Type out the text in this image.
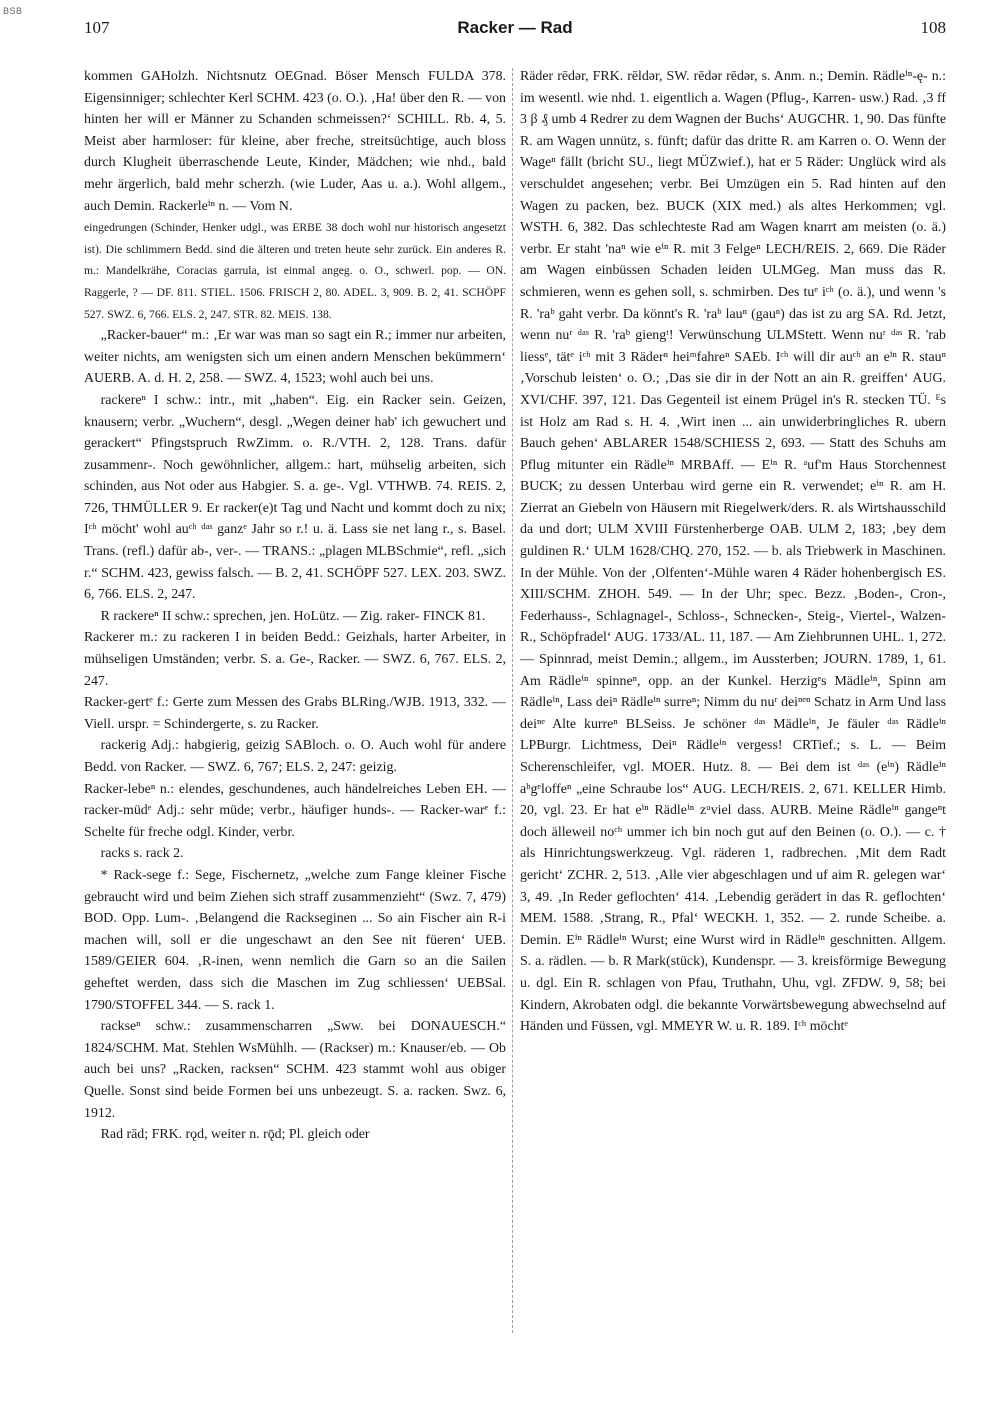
BSB
107	Racker — Rad	108
kommen GAHolzh. Nichtsnutz OEGnad. Böser Mensch FULDA 378. Eigensinniger; schlechter Kerl SCHM. 423 (o. O.). ‚Ha! über den R. — von hinten her will er Männer zu Schanden schmeissen?‘ SCHILL. Rb. 4, 5. Meist aber harmloser: für kleine, aber freche, streitsüchtige, auch bloss durch Klugheit überraschende Leute, Kinder, Mädchen; wie nhd., bald mehr ärgerlich, bald mehr scherzh. (wie Luder, Aas u. a.). Wohl allgem., auch Demin. Rackerleⁱⁿ n. — Vom N.
eingedrungen (Schinder, Henker udgl., was ERBE 38 doch wohl nur historisch angesetzt ist). Die schlimmern Bedd. sind die älteren und treten heute sehr zurück. Ein anderes R. m.: Mandelkrähe, Coracias garrula, ist einmal angeg. o. O., schwerl. pop. — ON. Raggerle, ? — DF. 811. STIEL. 1506. FRISCH 2, 80. ADEL. 3, 909. B. 2, 41. SCHÖPF 527. SWZ. 6, 766. ELS. 2, 247. STR. 82. MEIS. 138.
„Racker-bauer“ m.: ‚Er war was man so sagt ein R.; immer nur arbeiten, weiter nichts, am wenigsten sich um einen andern Menschen bekümmern‘ AUERB. A. d. H. 2, 258. — SWZ. 4, 1523; wohl auch bei uns.
rackereⁿ I schw.: intr., mit „haben“. Eig. ein Racker sein. Geizen, knausern; verbr. „Wuchern“, desgl. „Wegen deiner hab' ich gewuchert und gerackert“ Pfingstspruch RwZimm. o. R./VTH. 2, 128. Trans. dafür zusammenr-. Noch gewöhnlicher, allgem.: hart, mühselig arbeiten, sich schinden, aus Not oder aus Habgier. S. a. ge-. Vgl. VTHWB. 74. REIS. 2, 726, THMÜLLER 9. Er racker(e)t Tag und Nacht und kommt doch zu nix; Iᶜʰ möcht' wohl auᶜʰ ᵈᵃˢ ganzᵉ Jahr so r.! u. ä. Lass sie net lang r., s. Basel. Trans. (refl.) dafür ab-, ver-. — TRANS.: „plagen MLBSchmie“, refl. „sich r.“ SCHM. 423, gewiss falsch. — B. 2, 41. SCHÖPF 527. LEX. 203. SWZ. 6, 766. ELS. 2, 247.
R rackereⁿ II schw.: sprechen, jen. HoLütz. — Zig. raker- FINCK 81.
Rackerer m.: zu rackeren I in beiden Bedd.: Geizhals, harter Arbeiter, in mühseligen Umständen; verbr. S. a. Ge-, Racker. — SWZ. 6, 767. ELS. 2, 247.
Racker-gertᵉ f.: Gerte zum Messen des Grabs BLRing./WJB. 1913, 332. — Viell. urspr. = Schindergerte, s. zu Racker.
rackerig Adj.: habgierig, geizig SABloch. o. O. Auch wohl für andere Bedd. von Racker. — SWZ. 6, 767; ELS. 2, 247: geizig.
Racker-lebeⁿ n.: elendes, geschundenes, auch händelreiches Leben EH. — racker-müdᵉ Adj.: sehr müde; verbr., häufiger hunds-. — Racker-warᵉ f.: Schelte für freche odgl. Kinder, verbr.
racks s. rack 2.
* Rack-sege f.: Sege, Fischernetz, „welche zum Fange kleiner Fische gebraucht wird und beim Ziehen sich straff zusammenzieht“ (Swz. 7, 479) BOD. Opp. Lum-. ‚Belangend die Rackseginen ... So ain Fischer ain R-i machen will, soll er die ungeschawt an den See nit füeren‘ UEB. 1589/GEIER 604. ‚R-inen, wenn nemlich die Garn so an die Sailen geheftet werden, dass sich die Maschen im Zug schliessen‘ UEBSal. 1790/STOFFEL 344. — S. rack 1.
rackseⁿ schw.: zusammenscharren „Sww. bei DONAUESCH.“ 1824/SCHM. Mat. Stehlen WsMühlh. — (Rackser) m.: Knauser/eb. — Ob auch bei uns? „Racken, racksen“ SCHM. 423 stammt wohl aus obiger Quelle. Sonst sind beide Formen bei uns unbezeugt. S. a. racken. Swz. 6, 1912.
Rad rād; FRK. rǫd, weiter n. rǭd; Pl. gleich oder
Räder rēdər, FRK. rēldər, SW. rēdər rēdər, s. Anm. n.; Demin. Rädleⁱⁿ-ę- n.: im wesentl. wie nhd. 1. eigentlich a. Wagen (Pflug-, Karren- usw.) Rad. ‚3 ff 3 β ₰ umb 4 Redrer zu dem Wagnen der Buchs‘ AUGCHR. 1, 90. Das fünfte R. am Wagen unnütz, s. fünft; dafür das dritte R. am Karren o. O. Wenn der Wageⁿ fällt (bricht SU., liegt MÜZwief.), hat er 5 Räder: Unglück wird als verschuldet angesehen; verbr. Bei Umzügen ein 5. Rad hinten auf den Wagen zu packen, bez. BUCK (XIX med.) als altes Herkommen; vgl. WSTH. 6, 382. Das schlechteste Rad am Wagen knarrt am meisten (o. ä.) verbr. Er staht 'naⁿ wie eⁱⁿ R. mit 3 Felgeⁿ LECH/REIS. 2, 669. Die Räder am Wagen einbüssen Schaden leiden ULMGeg. Man muss das R. schmieren, wenn es gehen soll, s. schmirben. Des tuᵉ iᶜʰ (o. ä.), und wenn 's R. 'raᵇ gaht verbr. Da könnt's R. 'raᵇ lauⁿ (gauⁿ) das ist zu arg SA. Rd. Jetzt, wenn nuʳ ᵈᵃˢ R. 'raᵇ giengᵗ! Verwünschung ULMStett. Wenn nuʳ ᵈᵃˢ R. 'rab liessᵉ, tätᵉ iᶜʰ mit 3 Räderⁿ heiᵐfahreⁿ SAEb. Iᶜʰ will dir auᶜʰ an eⁱⁿ R. stauⁿ ‚Vorschub leisten‘ o. O.; ‚Das sie dir in der Nott an ain R. greiffen‘ AUG. XVI/CHF. 397, 121. Das Gegenteil ist einem Prügel in's R. stecken TÜ. ᴱs ist Holz am Rad s. H. 4. ‚Wirt inen ... ain unwiderbringliches R. ubern Bauch gehen‘ ABLARER 1548/SCHIESS 2, 693. — Statt des Schuhs am Pflug mitunter ein Rädleⁱⁿ MRBAff. — Eⁱⁿ R. ᵃuf'm Haus Storchennest BUCK; zu dessen Unterbau wird gerne ein R. verwendet; eⁱⁿ R. am H. Zierrat an Giebeln von Häusern mit Riegelwerk/ders. R. als Wirtshausschild da und dort; ULM XVIII Fürstenherberge OAB. ULM 2, 183; ‚bey dem guldinen R.‘ ULM 1628/CHQ. 270, 152. — b. als Triebwerk in Maschinen. In der Mühle. Von der ‚Olfenten‘-Mühle waren 4 Räder hohenbergisch ES. XIII/SCHM. ZHOH. 549. — In der Uhr; spec. Bezz. ‚Boden-, Cron-, Federhauss-, Schlagnagel-, Schloss-, Schnecken-, Steig-, Viertel-, Walzen-R., Schöpfradel‘ AUG. 1733/AL. 11, 187. — Am Ziehbrunnen UHL. 1, 272. — Spinnrad, meist Demin.; allgem., im Aussterben; JOURN. 1789, 1, 61. Am Rädleⁱⁿ spinneⁿ, opp. an der Kunkel. Herzigᵉs Mädleⁱⁿ, Spinn am Rädleⁱⁿ, Lass deiⁿ Rädleⁱⁿ surreⁿ; Nimm du nuʳ deiⁿᵉⁿ Schatz in Arm Und lass deiⁿᵉ Alte kurreⁿ BLSeiss. Je schöner ᵈᵃˢ Mädleⁱⁿ, Je fäuler ᵈᵃˢ Rädleⁱⁿ LPBurgr. Lichtmess, Deiⁿ Rädleⁱⁿ vergess! CRTief.; s. L. — Beim Scherenschleifer, vgl. MOER. Hutz. 8. — Bei dem ist ᵈᵃˢ (eⁱⁿ) Rädleⁱⁿ aᵇgᵉloffeⁿ „eine Schraube los“ AUG. LECH/REIS. 2, 671. KELLER Himb. 20, vgl. 23. Er hat eⁱⁿ Rädleⁱⁿ zᵘviel dass. AURB. Meine Rädleⁱⁿ gangeⁿt doch älleweil noᶜʰ ummer ich bin noch gut auf den Beinen (o. O.). — c. † als Hinrichtungswerkzeug. Vgl. räderen 1, radbrechen. ‚Mit dem Radt gericht‘ ZCHR. 2, 513. ‚Alle vier abgeschlagen und uf aim R. gelegen war‘ 3, 49. ‚In Reder geflochten‘ 414. ‚Lebendig gerädert in das R. geflochten‘ MEM. 1588. ‚Strang, R., Pfal‘ WECKH. 1, 352. — 2. runde Scheibe. a. Demin. Eⁱⁿ Rädleⁱⁿ Wurst; eine Wurst wird in Rädleⁱⁿ geschnitten. Allgem. S. a. rädlen. — b. R Mark(stück), Kundenspr. — 3. kreisförmige Bewegung u. dgl. Ein R. schlagen von Pfau, Truthahn, Uhu, vgl. ZFDW. 9, 58; bei Kindern, Akrobaten odgl. die bekannte Vorwärtsbewegung abwechselnd auf Händen und Füssen, vgl. MMEYR W. u. R. 189. Iᶜʰ möchtᵉ
